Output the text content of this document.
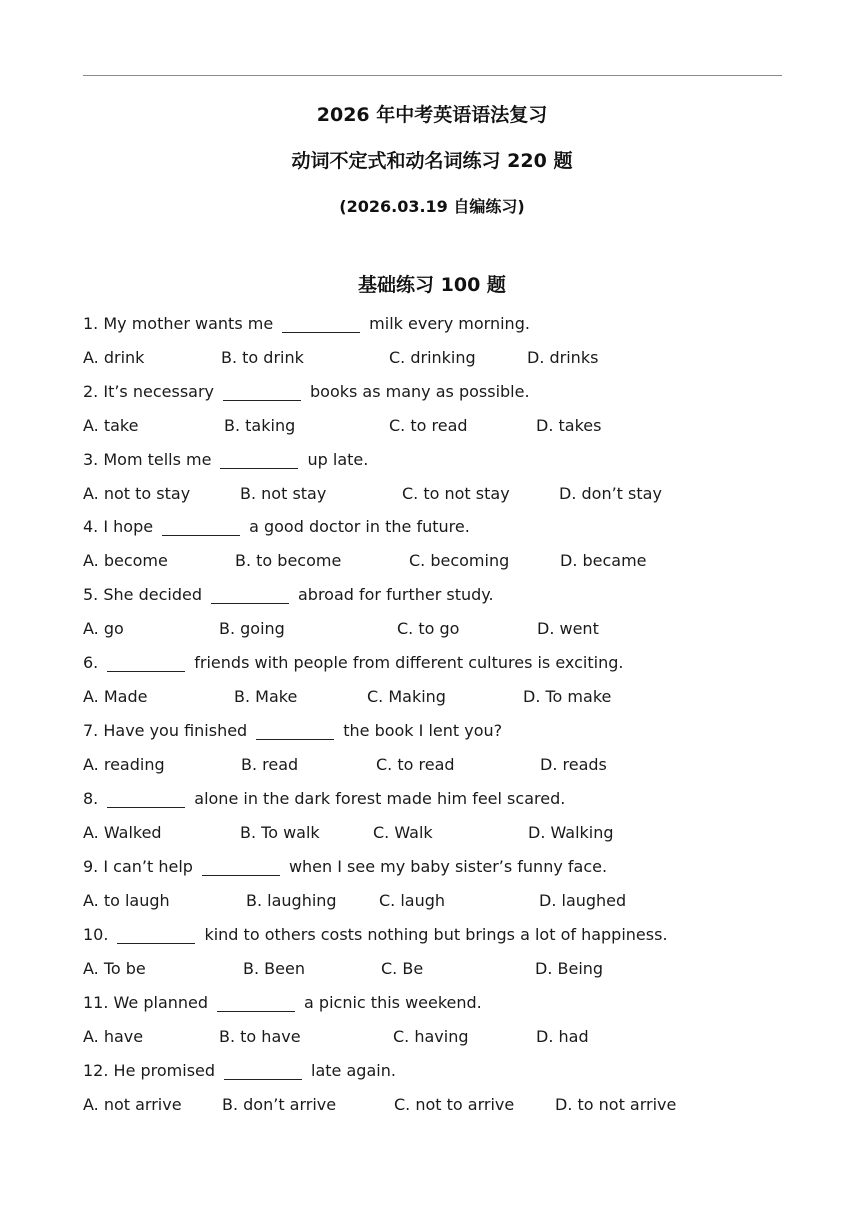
2026 年中考英语语法复习
动词不定式和动名词练习 220 题
(2026.03.19 自编练习)
基础练习 100 题
1. My mother wants me	milk every morning.
A. drink	B. to drink	C. drinking	D. drinks
2. It’s necessary	books as many as possible.
A. take	B. taking	C. to read	D. takes
3. Mom tells me	up late.
A. not to stay	B. not stay	C. to not stay	D. don’t stay
4. I hope	a good doctor in the future.
A. become	B. to become	C. becoming	D. became
5. She decided	abroad for further study.
A. go	B. going	C. to go	D. went
6.	friends with people from different cultures is exciting.
A. Made	B. Make	C. Making	D. To make
7. Have you finished	the book I lent you?
A. reading	B. read	C. to read	D. reads
8.	alone in the dark forest made him feel scared.
A. Walked	B. To walk	C. Walk	D. Walking
9. I can’t help	when I see my baby sister’s funny face.
A. to laugh	B. laughing	C. laugh	D. laughed
10.	kind to others costs nothing but brings a lot of happiness.
A. To be	B. Been	C. Be	D. Being
11. We planned	a picnic this weekend.
A. have	B. to have	C. having	D. had
12. He promised	late again.
A. not arrive	B. don’t arrive	C. not to arrive	D. to not arrive
